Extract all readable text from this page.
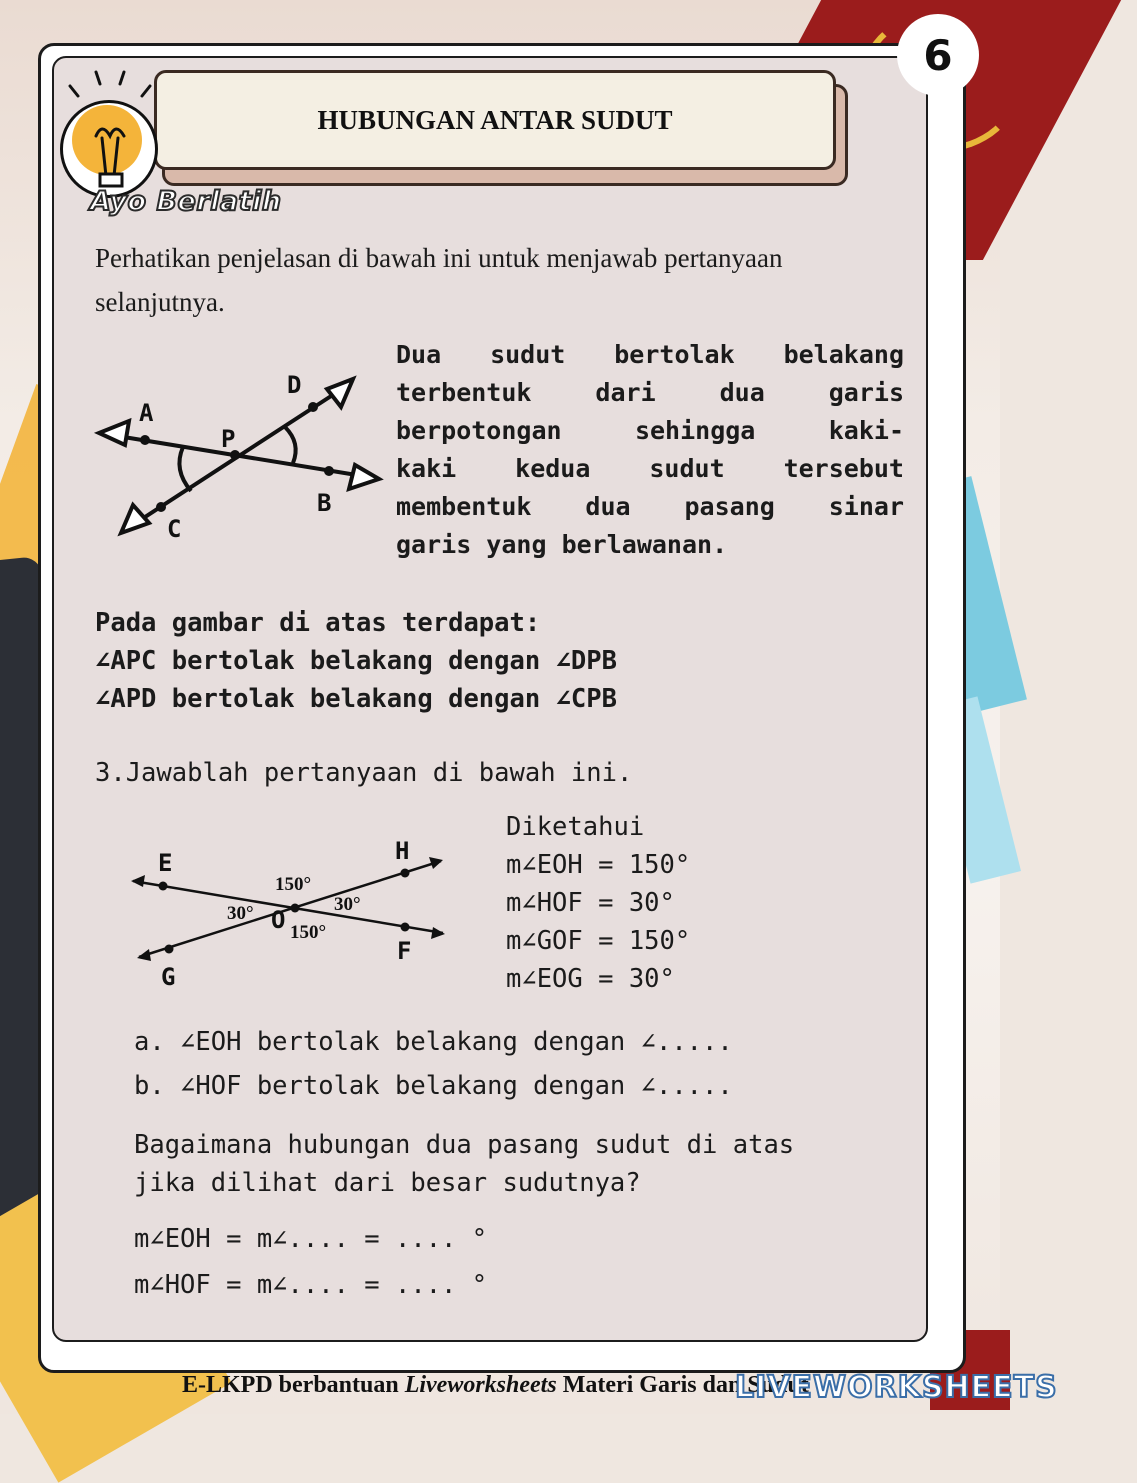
6
HUBUNGAN ANTAR SUDUT
Ayo Berlatih
Perhatikan penjelasan di bawah ini untuk menjawab pertanyaan selanjutnya.
A
B
C
D
P
Dua sudut bertolak belakang
terbentuk dari dua garis
berpotongan sehingga kaki-
kaki kedua sudut tersebut
membentuk dua pasang sinar
garis yang berlawanan.
Pada gambar di atas terdapat:
∠APC bertolak belakang dengan ∠DPB
∠APD bertolak belakang dengan ∠CPB
3.Jawablah pertanyaan di bawah ini.
E	H
G
F
O
150°
150°
30°	30°
Diketahui
m∠EOH = 150°
m∠HOF = 30°
m∠GOF = 150°
m∠EOG = 30°
a. ∠EOH bertolak belakang dengan ∠.....
b. ∠HOF bertolak belakang dengan ∠.....
Bagaimana hubungan dua pasang sudut di atas
jika dilihat dari besar sudutnya?
m∠EOH = m∠.... = .... °
m∠HOF = m∠.... = .... °
E-LKPD berbantuan Liveworksheets Materi Garis dan Sudut
LIVEWORKSHEETS
